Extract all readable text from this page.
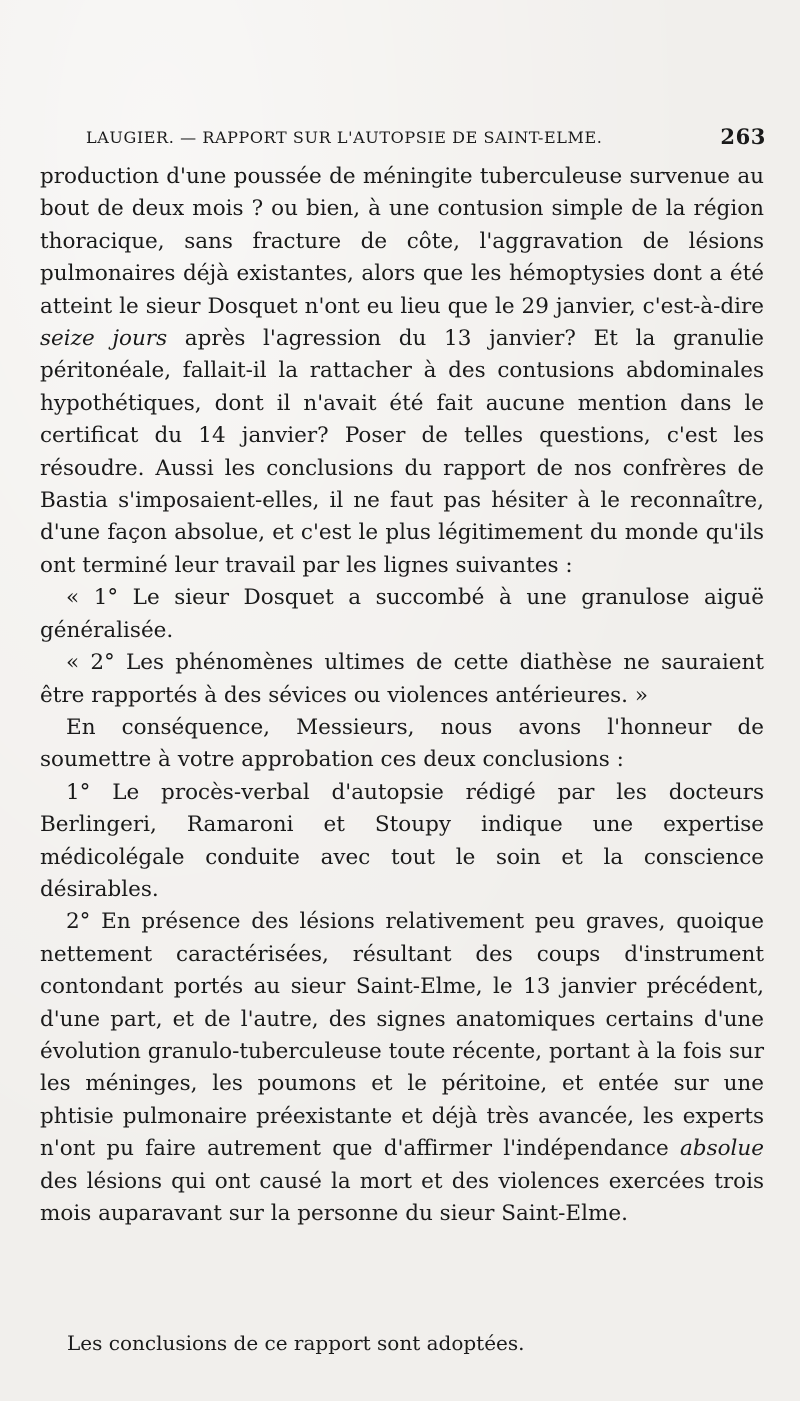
LAUGIER. — RAPPORT SUR L'AUTOPSIE DE SAINT-ELME.	263

production d'une poussée de méningite tuberculeuse survenue au bout de deux mois ? ou bien, à une contusion simple de la région thoracique, sans fracture de côte, l'aggravation de lésions pulmonaires déjà existantes, alors que les hémoptysies dont a été atteint le sieur Dosquet n'ont eu lieu que le 29 janvier, c'est-à-dire seize jours après l'agression du 13 janvier? Et la granulie péritonéale, fallait-il la rattacher à des contusions abdominales hypothétiques, dont il n'avait été fait aucune mention dans le certificat du 14 janvier? Poser de telles questions, c'est les résoudre. Aussi les conclusions du rapport de nos confrères de Bastia s'imposaient-elles, il ne faut pas hésiter à le reconnaître, d'une façon absolue, et c'est le plus légitimement du monde qu'ils ont terminé leur travail par les lignes suivantes :

« 1° Le sieur Dosquet a succombé à une granulose aiguë généralisée.

« 2° Les phénomènes ultimes de cette diathèse ne sauraient être rapportés à des sévices ou violences antérieures. »

En conséquence, Messieurs, nous avons l'honneur de soumettre à votre approbation ces deux conclusions :

1° Le procès-verbal d'autopsie rédigé par les docteurs Berlingeri, Ramaroni et Stoupy indique une expertise médicolégale conduite avec tout le soin et la conscience désirables.

2° En présence des lésions relativement peu graves, quoique nettement caractérisées, résultant des coups d'instrument contondant portés au sieur Saint-Elme, le 13 janvier précédent, d'une part, et de l'autre, des signes anatomiques certains d'une évolution granulo-tuberculeuse toute récente, portant à la fois sur les méninges, les poumons et le péritoine, et entée sur une phtisie pulmonaire préexistante et déjà très avancée, les experts n'ont pu faire autrement que d'affirmer l'indépendance absolue des lésions qui ont causé la mort et des violences exercées trois mois auparavant sur la personne du sieur Saint-Elme.

Les conclusions de ce rapport sont adoptées.
